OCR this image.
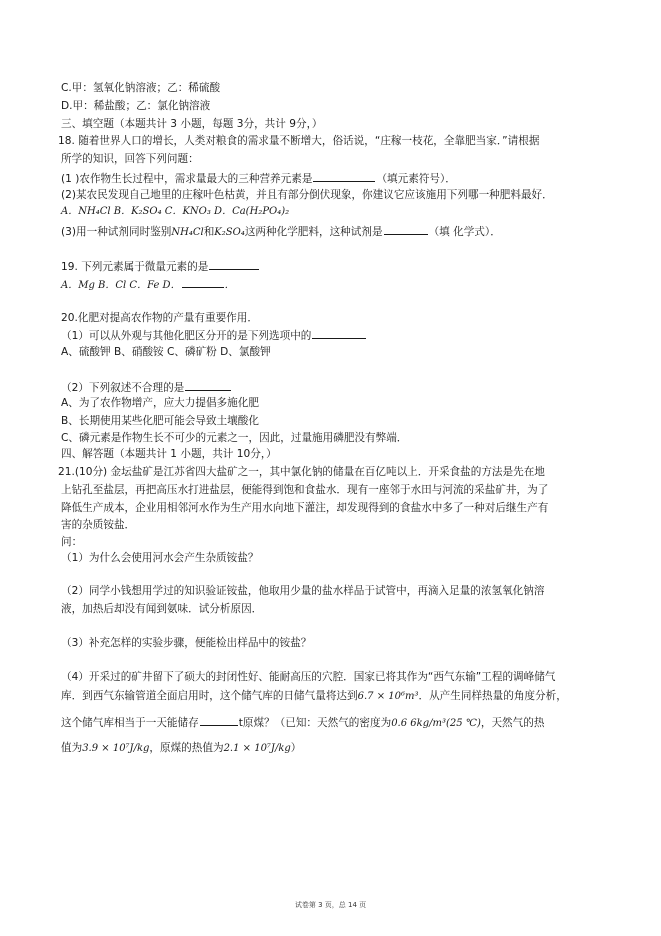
C.甲：氢氧化钠溶液；乙：稀硫酸
D.甲：稀盐酸；乙：氯化钠溶液
三、填空题（本题共计 3 小题，每题 3分，共计 9分，）
18. 随着世界人口的增长，人类对粮食的需求量不断增大，俗话说，“庄稼一枝花，全靠肥当家．”请根据
所学的知识，回答下列问题：
(1 )农作物生长过程中，需求量最大的三种营养元素是	（填元素符号）．
(2)某农民发现自己地里的庄稼叶色枯黄，并且有部分倒伏现象，你建议它应该施用下列哪一种肥料最好．
A．NH₄Cl B．K₂SO₄ C．KNO₃ D．Ca(H₂PO₄)₂
(3)用一种试剂同时鉴别NH₄Cl和K₂SO₄这两种化学肥料，这种试剂是	（填 化学式）．
19. 下列元素属于微量元素的是
A．Mg B．Cl C．Fe D．	．
20.化肥对提高农作物的产量有重要作用．
（1）可以从外观与其他化肥区分开的是下列选项中的
A、硫酸钾 B、硝酸铵 C、磷矿粉 D、氯酸钾
（2）下列叙述不合理的是
A、为了农作物增产，应大力提倡多施化肥
B、长期使用某些化肥可能会导致土壤酸化
C、磷元素是作物生长不可少的元素之一，因此，过量施用磷肥没有弊端．
四、解答题（本题共计 1 小题，共计 10分，）
21.(10分) 金坛盐矿是江苏省四大盐矿之一，其中氯化钠的储量在百亿吨以上．开采食盐的方法是先在地
上钻孔至盐层，再把高压水打进盐层，便能得到饱和食盐水．现有一座邻于水田与河流的采盐矿井，为了
降低生产成本，企业用相邻河水作为生产用水向地下灌注，却发现得到的食盐水中多了一种对后继生产有
害的杂质铵盐．
问：
（1）为什么会使用河水会产生杂质铵盐？
（2）同学小钱想用学过的知识验证铵盐，他取用少量的盐水样品于试管中，再滴入足量的浓氢氧化钠溶
液，加热后却没有闻到氨味．试分析原因．
（3）补充怎样的实验步骤，便能检出样品中的铵盐？
（4）开采过的矿井留下了硕大的封闭性好、能耐高压的穴腔．国家已将其作为“西气东输”工程的调峰储气
库．到西气东输管道全面启用时，这个储气库的日储气量将达到6.7 × 10⁶m³．从产生同样热量的角度分析，
这个储气库相当于一天能储存	t原煤？（已知：天然气的密度为0.6 6kg/m³(25 ℃)，天然气的热
值为3.9 × 10⁷J/kg，原煤的热值为2.1 × 10⁷J/kg）
试卷第 3 页，总 14 页
